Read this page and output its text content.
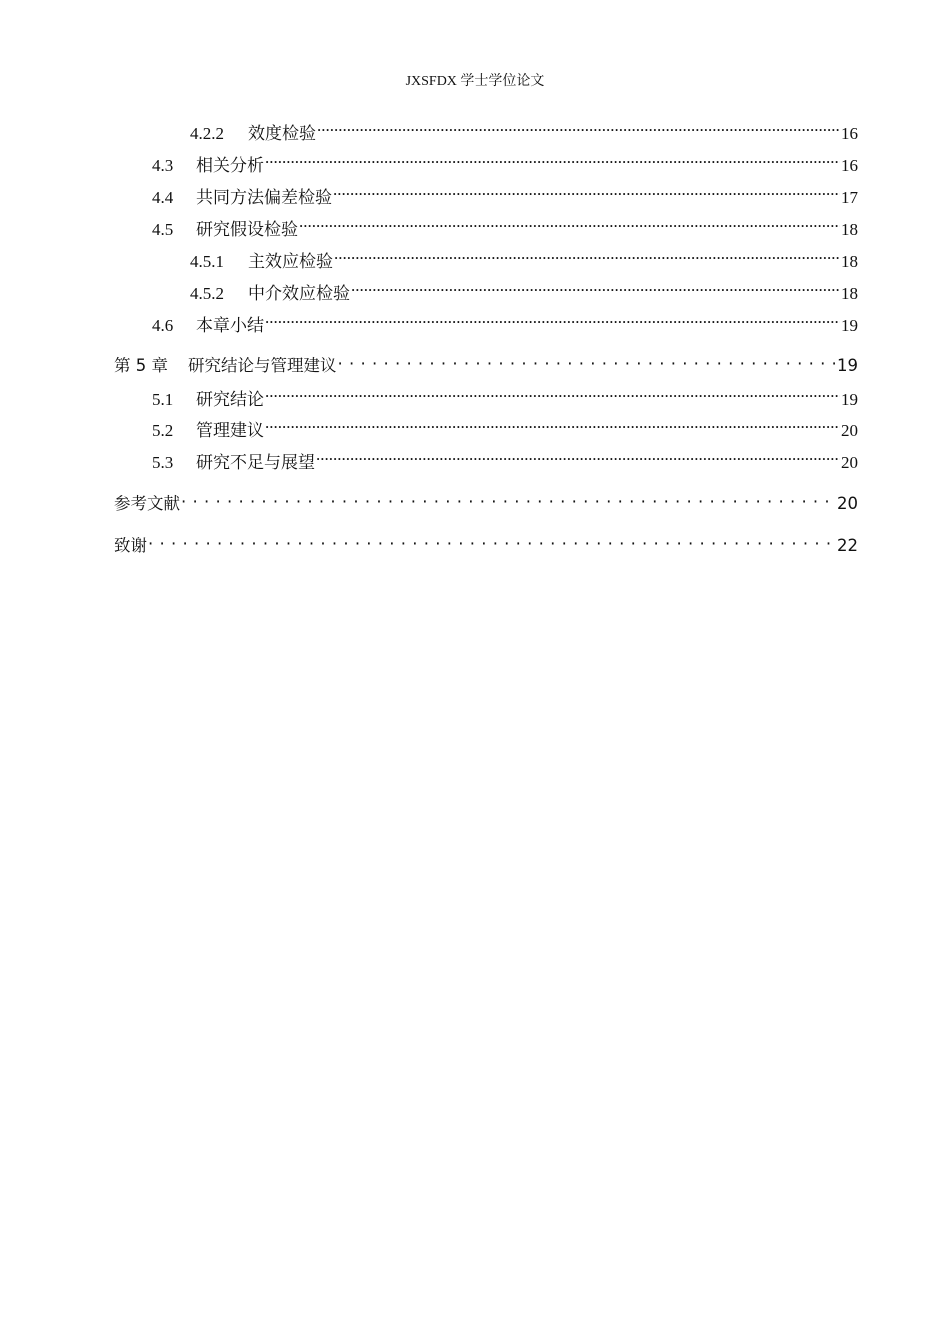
JXSFDX 学士学位论文
4.2.2	效度检验 .....	16
4.3	相关分析 .....	16
4.4	共同方法偏差检验 .....	17
4.5	研究假设检验 .....	18
4.5.1	主效应检验 .....	18
4.5.2	中介效应检验 .....	18
4.6	本章小结 .....	19
第 5 章	研究结论与管理建议 . . .	19
5.1	研究结论 .....	19
5.2	管理建议 .....	20
5.3	研究不足与展望 .....	20
参考文献 . . .	20
致谢 . . .	22
